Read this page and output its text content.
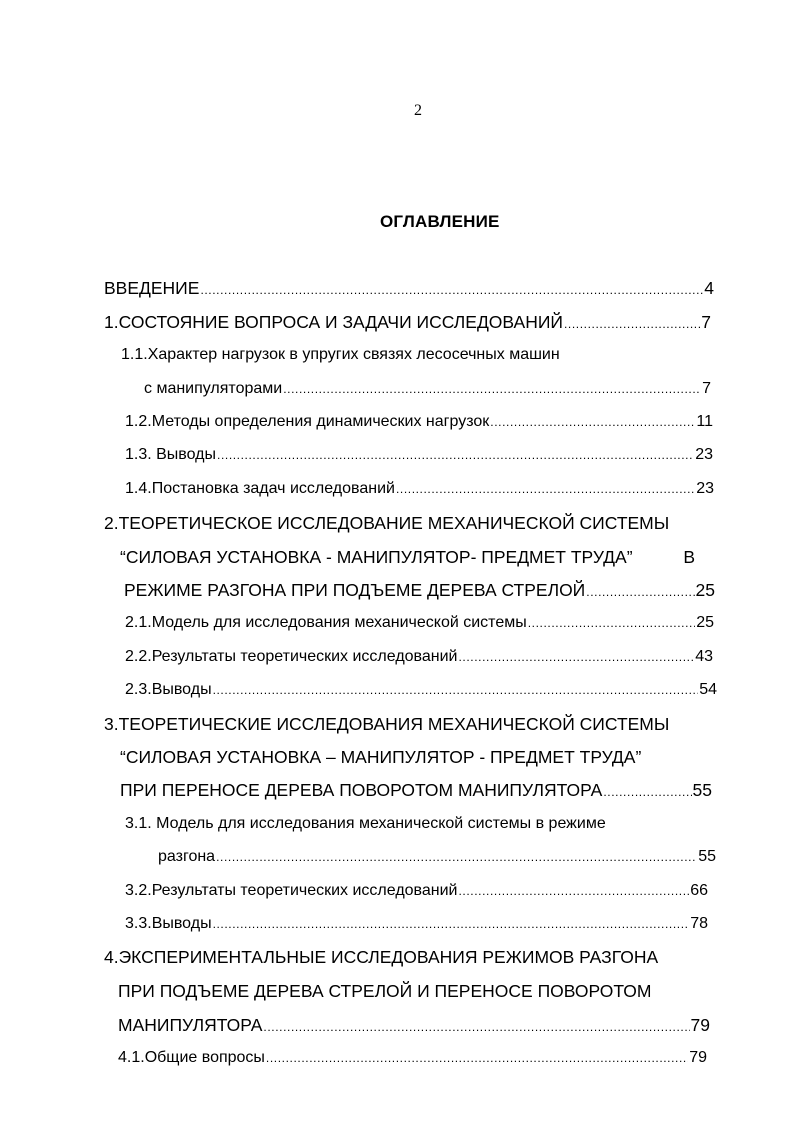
2
ОГЛАВЛЕНИЕ
ВВЕДЕНИЕ .....	4
1.СОСТОЯНИЕ ВОПРОСА И ЗАДАЧИ ИССЛЕДОВАНИЙ .....	7
1.1.Характер нагрузок в упругих связях лесосечных машин
с манипуляторами .....	7
1.2.Методы определения динамических нагрузок .....	11
1.3. Выводы .....	23
1.4.Постановка задач исследований .....	23
2.ТЕОРЕТИЧЕСКОЕ ИССЛЕДОВАНИЕ МЕХАНИЧЕСКОЙ СИСТЕМЫ
“СИЛОВАЯ УСТАНОВКА - МАНИПУЛЯТОР- ПРЕДМЕТ ТРУДА”	В
РЕЖИМЕ РАЗГОНА ПРИ ПОДЪЕМЕ ДЕРЕВА СТРЕЛОЙ .....	25
2.1.Модель для исследования механической системы .....	25
2.2.Результаты теоретических исследований .....	43
2.3.Выводы .....	54
3.ТЕОРЕТИЧЕСКИЕ ИССЛЕДОВАНИЯ МЕХАНИЧЕСКОЙ СИСТЕМЫ
“СИЛОВАЯ УСТАНОВКА – МАНИПУЛЯТОР - ПРЕДМЕТ ТРУДА”
ПРИ ПЕРЕНОСЕ ДЕРЕВА ПОВОРОТОМ МАНИПУЛЯТОРА .....	55
3.1. Модель для исследования механической системы в режиме
разгона .....	55
3.2.Результаты теоретических исследований .....	66
3.3.Выводы .....	78
4.ЭКСПЕРИМЕНТАЛЬНЫЕ ИССЛЕДОВАНИЯ РЕЖИМОВ РАЗГОНА
ПРИ ПОДЪЕМЕ ДЕРЕВА СТРЕЛОЙ И ПЕРЕНОСЕ ПОВОРОТОМ
МАНИПУЛЯТОРА .....	79
4.1.Общие вопросы .....	79
